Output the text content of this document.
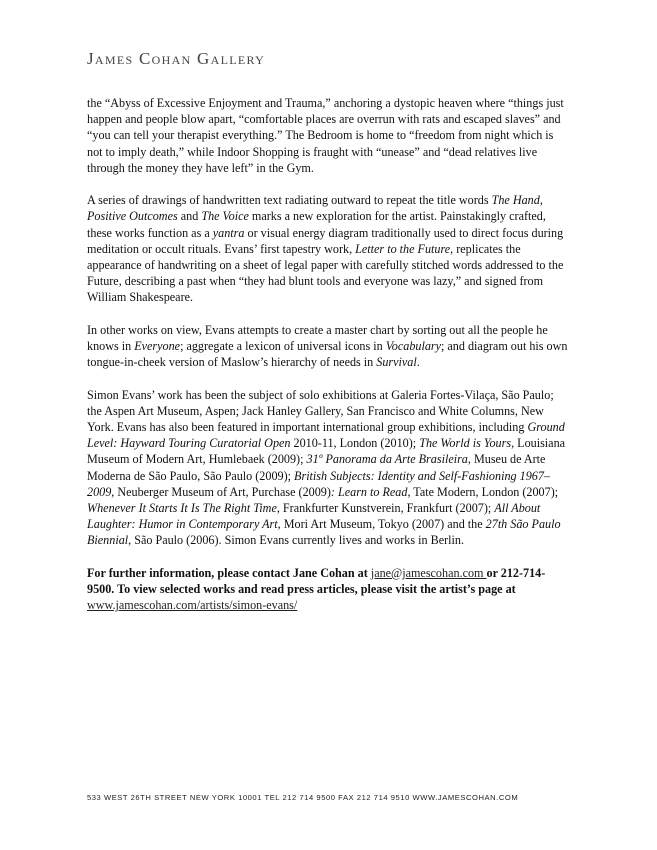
James Cohan Gallery

the “Abyss of Excessive Enjoyment and Trauma,” anchoring a dystopic heaven where “things just
happen and people blow apart, “comfortable places are overrun with rats and escaped slaves” and
“you can tell your therapist everything.” The Bedroom is home to “freedom from night which is
not to imply death,” while Indoor Shopping is fraught with “unease” and “dead relatives live
through the money they have left” in the Gym.

A series of drawings of handwritten text radiating outward to repeat the title words The Hand,
Positive Outcomes and The Voice marks a new exploration for the artist. Painstakingly crafted,
these works function as a yantra or visual energy diagram traditionally used to direct focus during
meditation or occult rituals. Evans’ first tapestry work, Letter to the Future, replicates the
appearance of handwriting on a sheet of legal paper with carefully stitched words addressed to the
Future, describing a past when “they had blunt tools and everyone was lazy,” and signed from
William Shakespeare.

In other works on view, Evans attempts to create a master chart by sorting out all the people he
knows in Everyone; aggregate a lexicon of universal icons in Vocabulary; and diagram out his own
tongue-in-cheek version of Maslow’s hierarchy of needs in Survival.

Simon Evans’ work has been the subject of solo exhibitions at Galeria Fortes-Vilaça, São Paulo;
the Aspen Art Museum, Aspen; Jack Hanley Gallery, San Francisco and White Columns, New
York. Evans has also been featured in important international group exhibitions, including Ground
Level: Hayward Touring Curatorial Open 2010-11, London (2010); The World is Yours, Louisiana
Museum of Modern Art, Humlebaek (2009); 31º Panorama da Arte Brasileira, Museu de Arte
Moderna de São Paulo, São Paulo (2009); British Subjects: Identity and Self-Fashioning 1967–
2009, Neuberger Museum of Art, Purchase (2009): Learn to Read, Tate Modern, London (2007);
Whenever It Starts It Is The Right Time, Frankfurter Kunstverein, Frankfurt (2007); All About
Laughter: Humor in Contemporary Art, Mori Art Museum, Tokyo (2007) and the 27th São Paulo
Biennial, São Paulo (2006). Simon Evans currently lives and works in Berlin.

For further information, please contact Jane Cohan at jane@jamescohan.com or 212-714-
9500. To view selected works and read press articles, please visit the artist’s page at
www.jamescohan.com/artists/simon-evans/

533 WEST 26TH STREET NEW YORK 10001 TEL 212 714 9500 FAX 212 714 9510 WWW.JAMESCOHAN.COM
